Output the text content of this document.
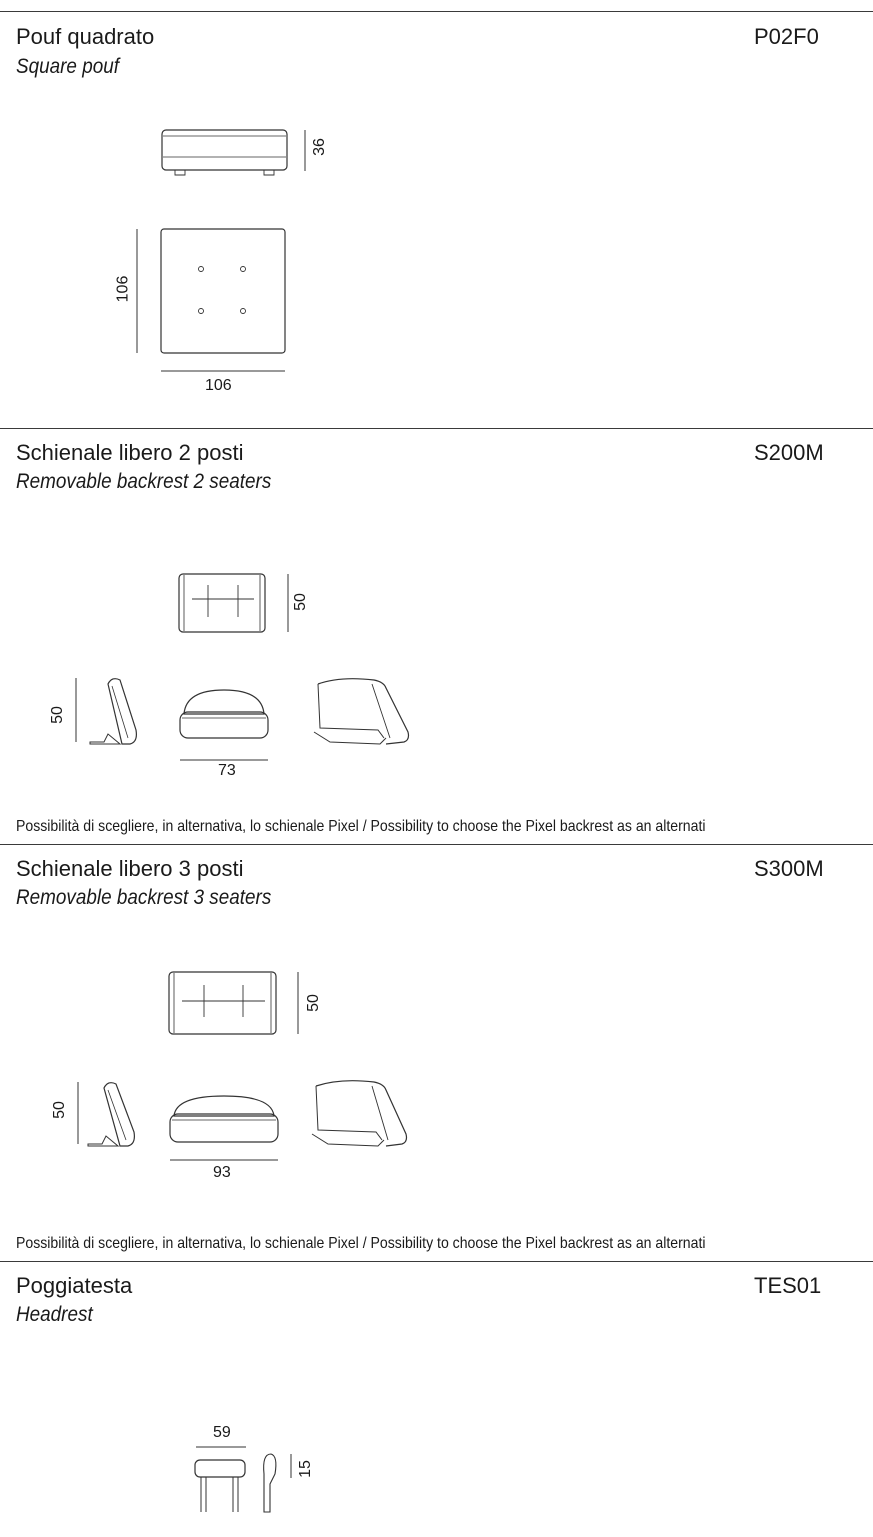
Pouf quadrato
Square pouf
P02F0
36
106
106
Schienale libero 2 posti
Removable backrest 2 seaters
S200M
50
50
73
Possibilità di scegliere, in alternativa, lo schienale Pixel / Possibility to choose the Pixel backrest as an alternati
Schienale libero 3 posti
Removable backrest 3 seaters
S300M
50
50
93
Possibilità di scegliere, in alternativa, lo schienale Pixel / Possibility to choose the Pixel backrest as an alternati
Poggiatesta
Headrest
TES01
59
15
